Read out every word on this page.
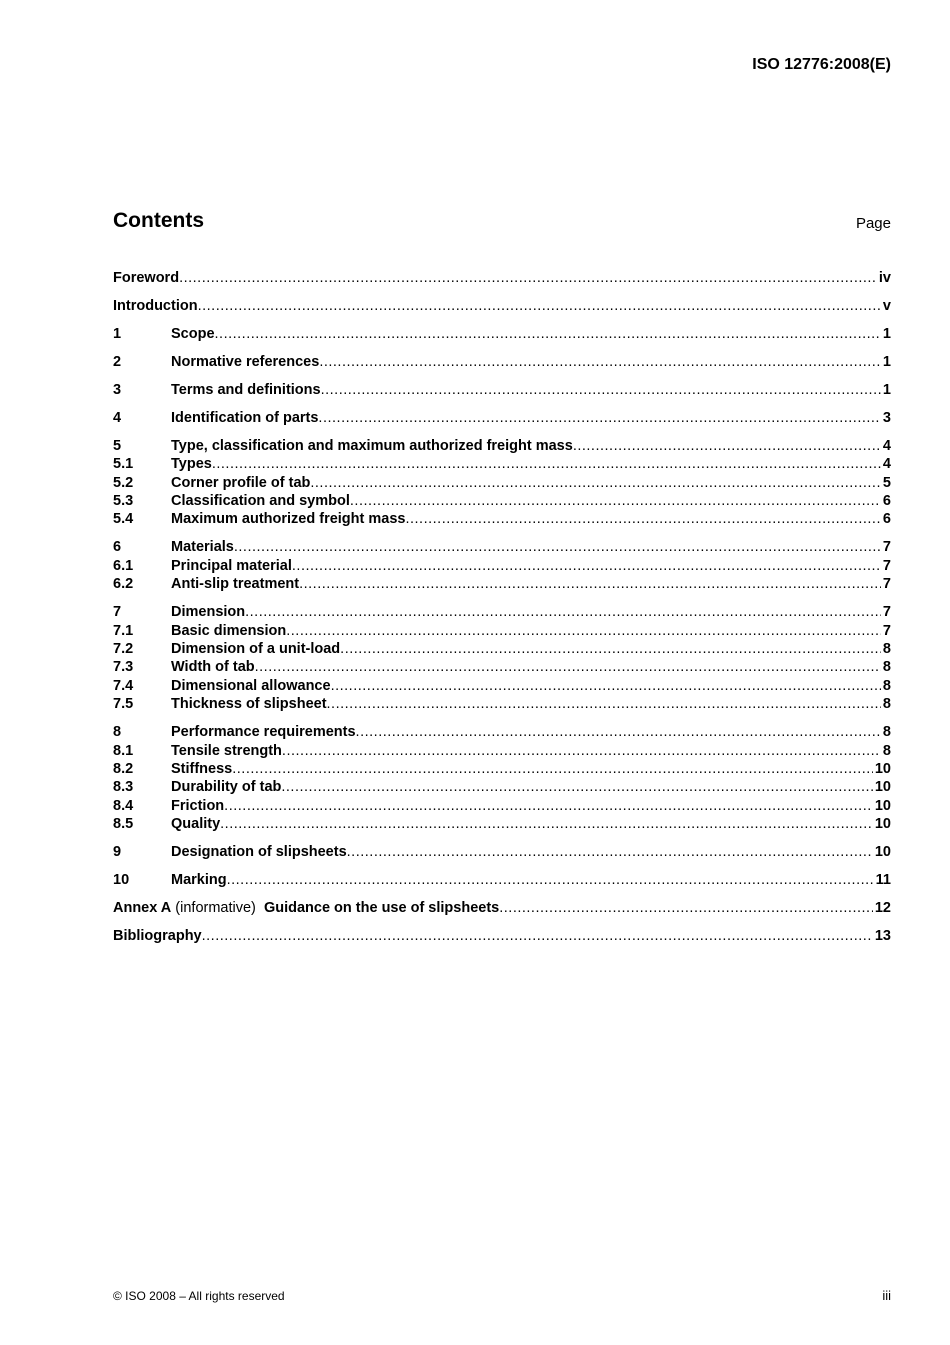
ISO 12776:2008(E)
Contents	Page
Foreword .....	iv
Introduction .....	v
1	Scope .....	1
2	Normative references .....	1
3	Terms and definitions .....	1
4	Identification of parts .....	3
5	Type, classification and maximum authorized freight mass .....	4
5.1	Types .....	4
5.2	Corner profile of tab .....	5
5.3	Classification and symbol .....	6
5.4	Maximum authorized freight mass .....	6
6	Materials .....	7
6.1	Principal material .....	7
6.2	Anti-slip treatment .....	7
7	Dimension .....	7
7.1	Basic dimension .....	7
7.2	Dimension of a unit-load .....	8
7.3	Width of tab .....	8
7.4	Dimensional allowance .....	8
7.5	Thickness of slipsheet .....	8
8	Performance requirements .....	8
8.1	Tensile strength .....	8
8.2	Stiffness .....	10
8.3	Durability of tab .....	10
8.4	Friction .....	10
8.5	Quality .....	10
9	Designation of slipsheets .....	10
10	Marking .....	11
Annex A (informative)  Guidance on the use of slipsheets .....	12
Bibliography .....	13
© ISO 2008 – All rights reserved	iii
